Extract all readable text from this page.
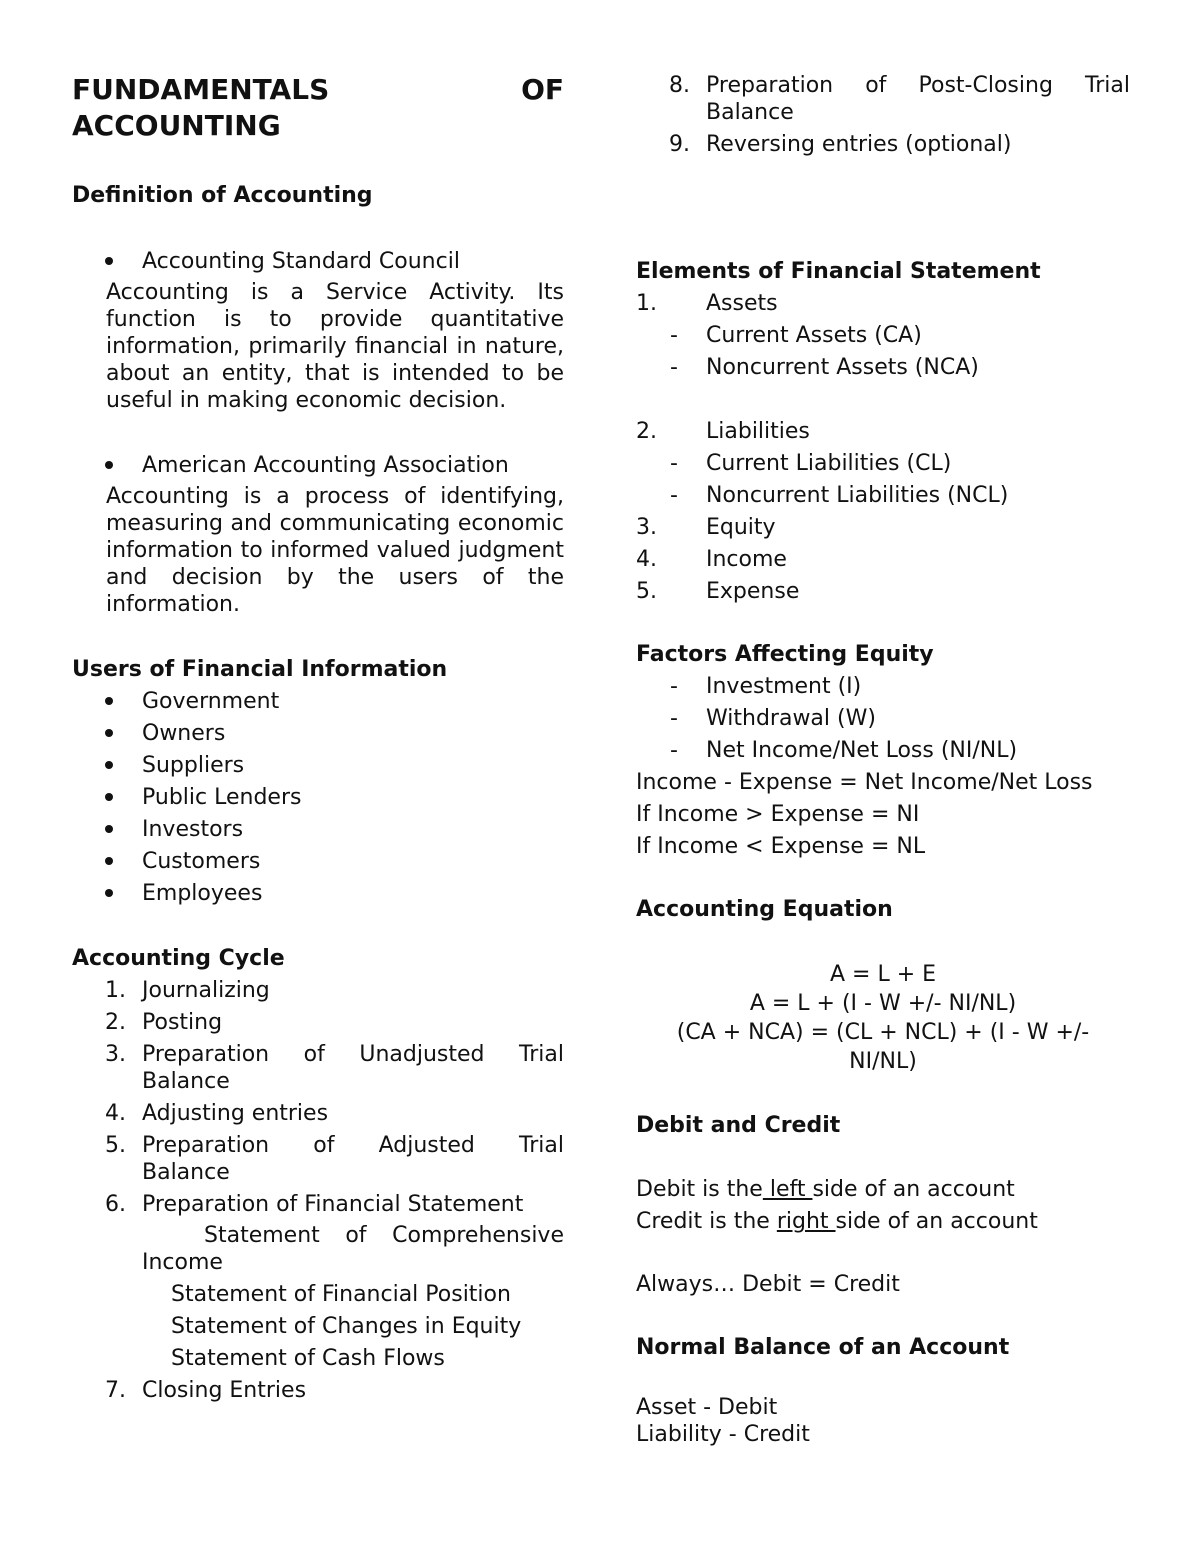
FUNDAMENTALS	OF
ACCOUNTING
Definition of Accounting
Accounting Standard Council
Accounting is a Service Activity. Its function is to provide quantitative information, primarily financial in nature, about an entity, that is intended to be useful in making economic decision.
American Accounting Association
Accounting is a process of identifying, measuring and communicating economic information to informed valued judgment and decision by the users of the information.
Users of Financial Information
Government
Owners
Suppliers
Public Lenders
Investors
Customers
Employees
Accounting Cycle
1. Journalizing
2. Posting
3. Preparation of Unadjusted Trial
Balance
4. Adjusting entries
5. Preparation of Adjusted Trial
Balance
6. Preparation of Financial Statement
Statement of Comprehensive
Income
Statement of Financial Position
Statement of Changes in Equity
Statement of Cash Flows
7. Closing Entries
8. Preparation of Post-Closing Trial
Balance
9. Reversing entries (optional)
Elements of Financial Statement
1.	Assets
-	Current Assets (CA)
-	Noncurrent Assets (NCA)
2.	Liabilities
-	Current Liabilities (CL)
-	Noncurrent Liabilities (NCL)
3.	Equity
4.	Income
5.	Expense
Factors Affecting Equity
-	Investment (I)
-	Withdrawal (W)
-	Net Income/Net Loss (NI/NL)
Income - Expense = Net Income/Net Loss
If Income > Expense = NI
If Income < Expense = NL
Accounting Equation
A = L + E
A = L + (I - W +/- NI/NL)
(CA + NCA) = (CL + NCL) + (I - W +/-
NI/NL)
Debit and Credit
Debit is the left side of an account
Credit is the right side of an account
Always… Debit = Credit
Normal Balance of an Account
Asset - Debit
Liability - Credit
